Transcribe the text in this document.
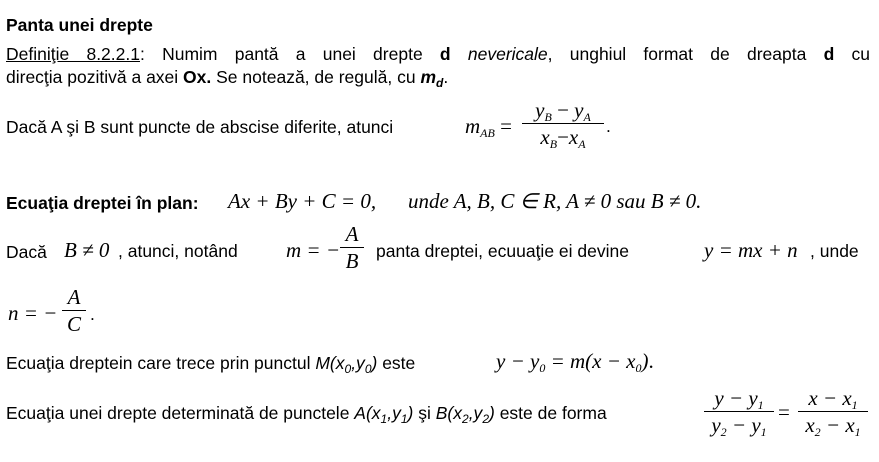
Panta unei drepte
Definiţie 8.2.2.1: Numim pantă a unei drepte d nevericale, unghiul format de dreapta d cu
direcţia pozitivă a axei Ox. Se notează, de regulă, cu $m_d$.
Dacă A şi B sunt puncte de abscise diferite, atunci	$m_{AB}$ =
$y_B - y_A$
$x_B-x_A$
.
Ecuaţia dreptei în plan: Ax + By + C = 0, unde A, B, C ∈ R, A ≠ 0 sau B ≠ 0.
Dacă B ≠ 0 , atunci, notând m = −
A
B	panta dreptei, ecuuaţie ei devine	y = mx + n , unde
n = −
A
C .
Ecuaţia dreptein care trece prin punctul $M(x_0,y_0)$ este	$y - y_0 = m(x - x_0)$.
Ecuaţia unei drepte determinată de punctele $A(x_1,y_1)$ şi $B(x_2,y_2)$ este de forma
$y - y_1$
$y_2 - y_1$
=
$x - x_1$
$x_2 - x_1$
